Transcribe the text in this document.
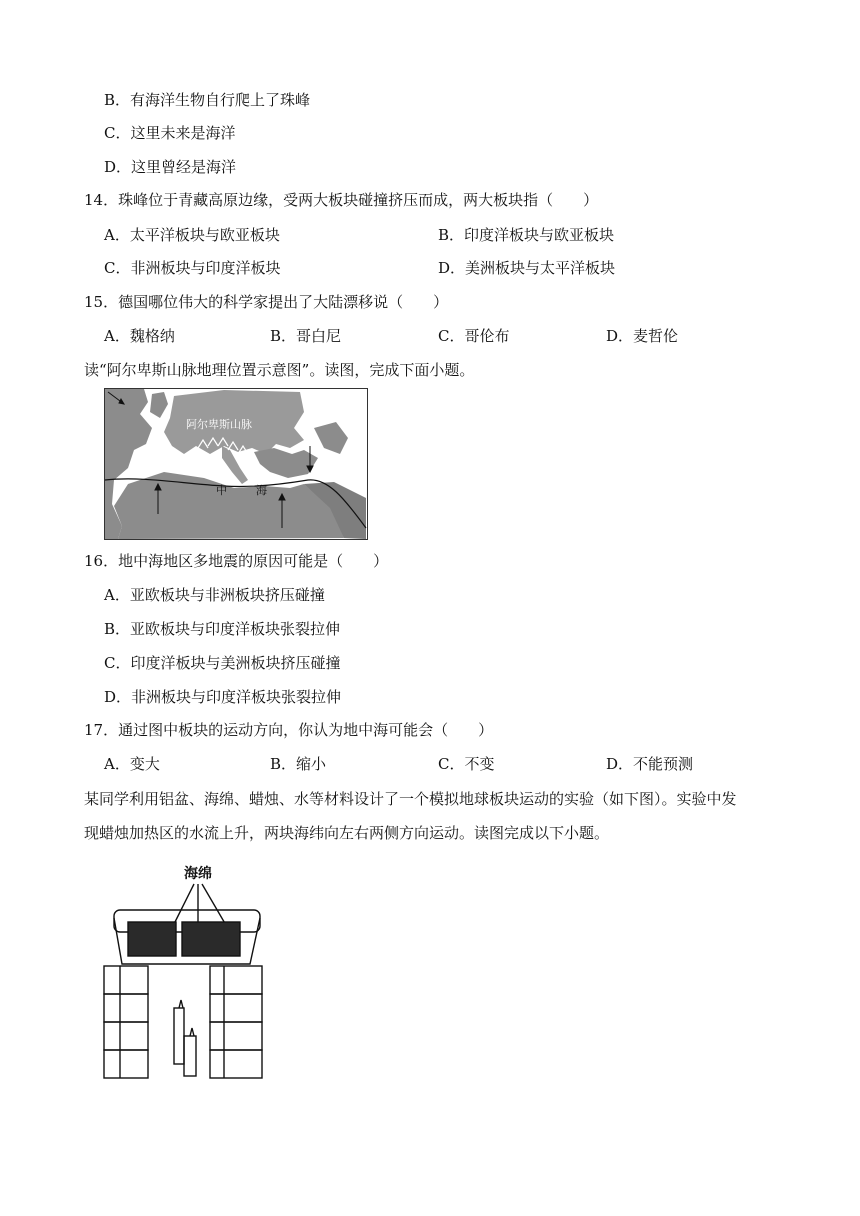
B．有海洋生物自行爬上了珠峰
C．这里未来是海洋
D．这里曾经是海洋
14．珠峰位于青藏高原边缘，受两大板块碰撞挤压而成，两大板块指（　　）
A．太平洋板块与欧亚板块	B．印度洋板块与欧亚板块
C．非洲板块与印度洋板块	D．美洲板块与太平洋板块
15．德国哪位伟大的科学家提出了大陆漂移说（　　）
A．魏格纳	B．哥白尼	C．哥伦布	D．麦哲伦
读“阿尔卑斯山脉地理位置示意图”。读图，完成下面小题。
阿尔卑斯山脉
地
中	海
16．地中海地区多地震的原因可能是（　　）
A．亚欧板块与非洲板块挤压碰撞
B．亚欧板块与印度洋板块张裂拉伸
C．印度洋板块与美洲板块挤压碰撞
D．非洲板块与印度洋板块张裂拉伸
17．通过图中板块的运动方向，你认为地中海可能会（　　）
A．变大	B．缩小	C．不变	D．不能预测
某同学利用铝盆、海绵、蜡烛、水等材料设计了一个模拟地球板块运动的实验（如下图）。实验中发
现蜡烛加热区的水流上升，两块海纬向左右两侧方向运动。读图完成以下小题。
海绵
